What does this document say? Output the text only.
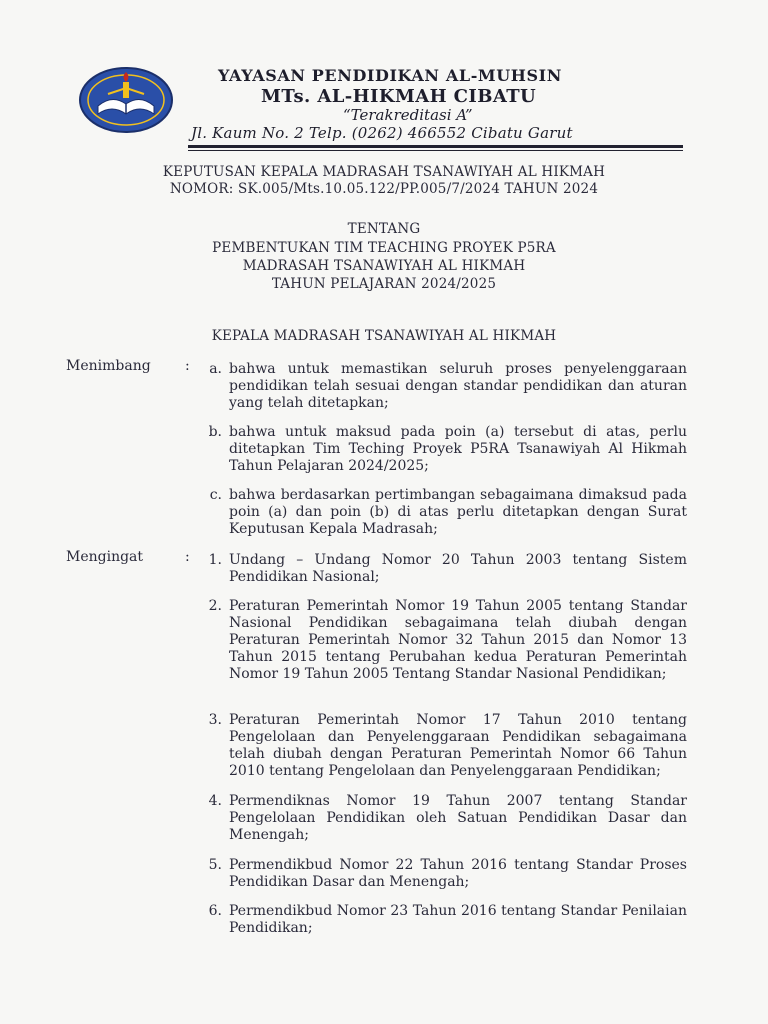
YAYASAN PENDIDIKAN AL-MUHSIN
MTs. AL-HIKMAH CIBATU
“Terakreditasi A”
Jl. Kaum No. 2 Telp. (0262) 466552 Cibatu Garut
KEPUTUSAN KEPALA MADRASAH TSANAWIYAH AL HIKMAH
NOMOR: SK.005/Mts.10.05.122/PP.005/7/2024 TAHUN 2024
TENTANG
PEMBENTUKAN TIM TEACHING PROYEK P5RA
MADRASAH TSANAWIYAH AL HIKMAH
TAHUN PELAJARAN 2024/2025
KEPALA MADRASAH TSANAWIYAH AL HIKMAH
Menimbang :	a. bahwa untuk memastikan seluruh proses penyelenggaraan pendidikan telah sesuai dengan standar pendidikan dan aturan yang telah ditetapkan;
b. bahwa untuk maksud pada poin (a) tersebut di atas, perlu ditetapkan Tim Teching Proyek P5RA Tsanawiyah Al Hikmah Tahun Pelajaran 2024/2025;
c. bahwa berdasarkan pertimbangan sebagaimana dimaksud pada poin (a) dan poin (b) di atas perlu ditetapkan dengan Surat Keputusan Kepala Madrasah;
Mengingat	:	1. Undang – Undang Nomor 20 Tahun 2003 tentang Sistem Pendidikan Nasional;
2. Peraturan Pemerintah Nomor 19 Tahun 2005 tentang Standar Nasional Pendidikan sebagaimana telah diubah dengan Peraturan Pemerintah Nomor 32 Tahun 2015 dan Nomor 13 Tahun 2015 tentang Perubahan kedua Peraturan Pemerintah Nomor 19 Tahun 2005 Tentang Standar Nasional Pendidikan;
3. Peraturan Pemerintah Nomor 17 Tahun 2010 tentang Pengelolaan dan Penyelenggaraan Pendidikan sebagaimana telah diubah dengan Peraturan Pemerintah Nomor 66 Tahun 2010 tentang Pengelolaan dan Penyelenggaraan Pendidikan;
4. Permendiknas Nomor 19 Tahun 2007 tentang Standar Pengelolaan Pendidikan oleh Satuan Pendidikan Dasar dan Menengah;
5. Permendikbud Nomor 22 Tahun 2016 tentang Standar Proses Pendidikan Dasar dan Menengah;
6. Permendikbud Nomor 23 Tahun 2016 tentang Standar Penilaian Pendidikan;
